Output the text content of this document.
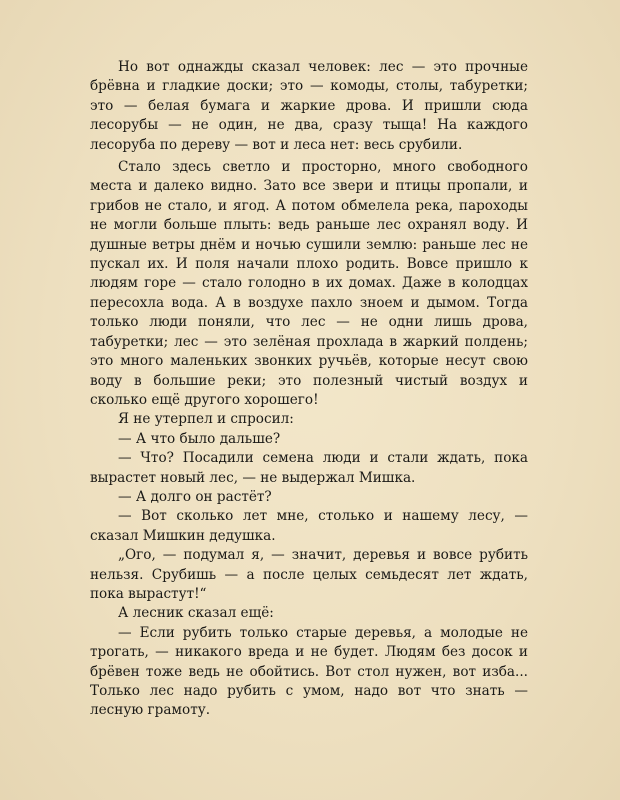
Но вот однажды сказал человек: лес — это прочные брёвна и гладкие доски; это — комоды, столы, табуретки; это — белая бумага и жаркие дрова. И пришли сюда лесорубы — не один, не два, сразу тыща! На каждого лесоруба по дереву — вот и леса нет: весь срубили.

Стало здесь светло и просторно, много свободного места и далеко видно. Зато все звери и птицы пропали, и грибов не стало, и ягод. А потом обмелела река, пароходы не могли больше плыть: ведь раньше лес охранял воду. И душные ветры днём и ночью сушили землю: раньше лес не пускал их. И поля начали плохо родить. Вовсе пришло к людям горе — стало голодно в их домах. Даже в колодцах пересохла вода. А в воздухе пахло зноем и дымом. Тогда только люди поняли, что лес — не одни лишь дрова, табуретки; лес — это зелёная прохлада в жаркий полдень; это много маленьких звонких ручьёв, которые несут свою воду в большие реки; это полезный чистый воздух и сколько ещё другого хорошего!

Я не утерпел и спросил:

— А что было дальше?

— Что? Посадили семена люди и стали ждать, пока вырастет новый лес, — не выдержал Мишка.

— А долго он растёт?

— Вот сколько лет мне, столько и нашему лесу, — сказал Мишкин дедушка.

„Ого, — подумал я, — значит, деревья и вовсе рубить нельзя. Срубишь — а после целых семьдесят лет ждать, пока вырастут!“

А лесник сказал ещё:

— Если рубить только старые деревья, а молодые не трогать, — никакого вреда и не будет. Людям без досок и брёвен тоже ведь не обойтись. Вот стол нужен, вот изба... Только лес надо рубить с умом, надо вот что знать — лесную грамоту.
